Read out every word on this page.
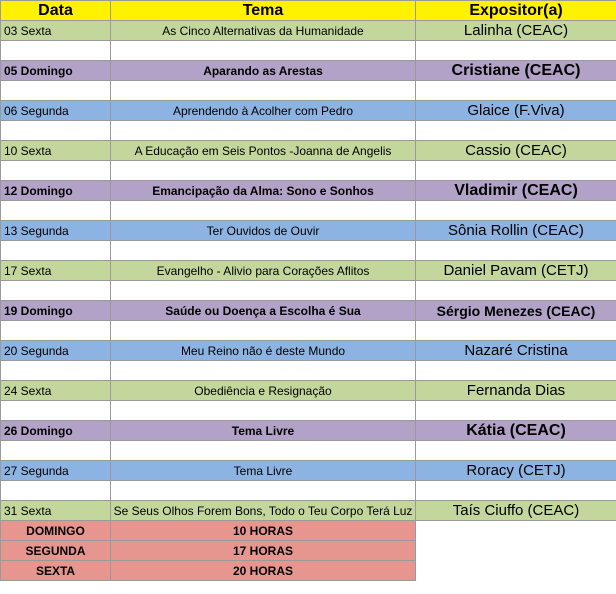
Data	Tema	Expositor(a)
03 Sexta	As Cinco Alternativas da Humanidade	Lalinha (CEAC)

05 Domingo	Aparando as Arestas	Cristiane (CEAC)

06 Segunda	Aprendendo à Acolher com Pedro	Glaice (F.Viva)

10 Sexta	A Educação em Seis Pontos -Joanna de Angelis	Cassio (CEAC)

12 Domingo	Emancipação da Alma: Sono e Sonhos	Vladimir (CEAC)

13 Segunda	Ter Ouvidos de Ouvir	Sônia Rollin (CEAC)

17 Sexta	Evangelho - Alivio para Corações Aflitos	Daniel Pavam (CETJ)

19 Domingo	Saúde ou Doença a Escolha é Sua	Sérgio Menezes (CEAC)

20 Segunda	Meu Reino não é deste Mundo	Nazaré Cristina

24 Sexta	Obediência e Resignação	Fernanda Dias

26 Domingo	Tema Livre	Kátia (CEAC)

27 Segunda	Tema Livre	Roracy (CETJ)

31 Sexta	Se Seus Olhos Forem Bons, Todo o Teu Corpo Terá Luz	Taís Ciuffo (CEAC)
DOMINGO	10 HORAS	
SEGUNDA	17 HORAS	
SEXTA	20 HORAS	
